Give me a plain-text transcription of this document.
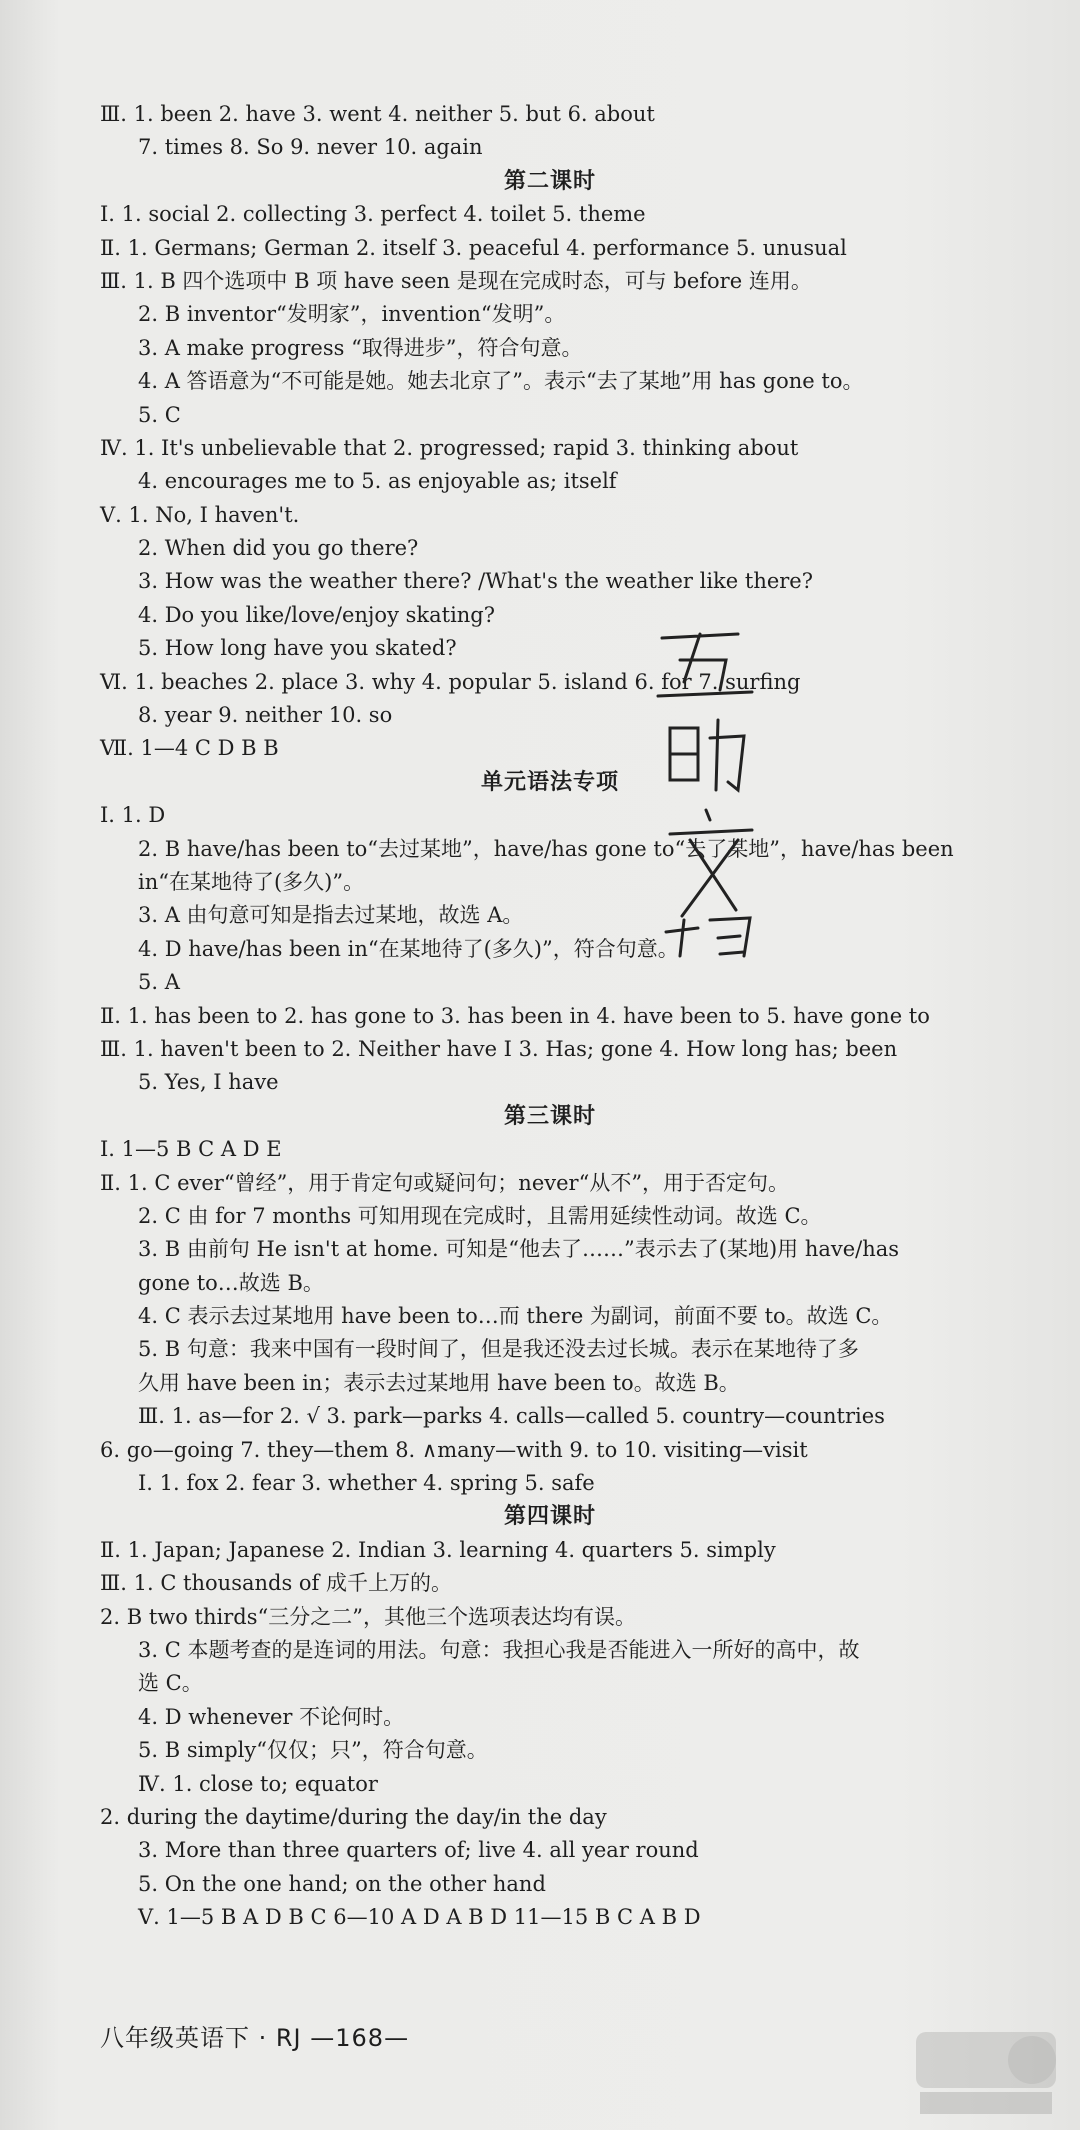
Ⅲ. 1. been 2. have 3. went 4. neither 5. but 6. about
7. times 8. So 9. never 10. again
第二课时
Ⅰ. 1. social 2. collecting 3. perfect 4. toilet 5. theme
Ⅱ. 1. Germans; German 2. itself 3. peaceful 4. performance 5. unusual
Ⅲ. 1. B 四个选项中 B 项 have seen 是现在完成时态，可与 before 连用。
2. B inventor“发明家”，invention“发明”。
3. A make progress “取得进步”，符合句意。
4. A 答语意为“不可能是她。她去北京了”。表示“去了某地”用 has gone to。
5. C
Ⅳ. 1. It's unbelievable that 2. progressed; rapid 3. thinking about
4. encourages me to 5. as enjoyable as; itself
Ⅴ. 1. No, I haven't.
2. When did you go there?
3. How was the weather there? /What's the weather like there?
4. Do you like/love/enjoy skating?
5. How long have you skated?
Ⅵ. 1. beaches 2. place 3. why 4. popular 5. island 6. for 7. surfing
8. year 9. neither 10. so
Ⅶ. 1—4 C D B B
单元语法专项
Ⅰ. 1. D
2. B have/has been to“去过某地”，have/has gone to“去了某地”，have/has been
in“在某地待了(多久)”。
3. A 由句意可知是指去过某地，故选 A。
4. D have/has been in“在某地待了(多久)”，符合句意。
5. A
Ⅱ. 1. has been to 2. has gone to 3. has been in 4. have been to 5. have gone to
Ⅲ. 1. haven't been to 2. Neither have I 3. Has; gone 4. How long has; been
5. Yes, I have
第三课时
Ⅰ. 1—5 B C A D E
Ⅱ. 1. C ever“曾经”，用于肯定句或疑问句；never“从不”，用于否定句。
2. C 由 for 7 months 可知用现在完成时，且需用延续性动词。故选 C。
3. B 由前句 He isn't at home. 可知是“他去了……”表示去了(某地)用 have/has
gone to…故选 B。
4. C 表示去过某地用 have been to…而 there 为副词，前面不要 to。故选 C。
5. B 句意：我来中国有一段时间了，但是我还没去过长城。表示在某地待了多
久用 have been in；表示去过某地用 have been to。故选 B。
Ⅲ. 1. as—for 2. √ 3. park—parks 4. calls—called 5. country—countries
6. go—going 7. they—them 8. ∧many—with 9. to 10. visiting—visit
Ⅰ. 1. fox 2. fear 3. whether 4. spring 5. safe
第四课时
Ⅱ. 1. Japan; Japanese 2. Indian 3. learning 4. quarters 5. simply
Ⅲ. 1. C thousands of 成千上万的。
2. B two thirds“三分之二”，其他三个选项表达均有误。
3. C 本题考查的是连词的用法。句意：我担心我是否能进入一所好的高中，故
选 C。
4. D whenever 不论何时。
5. B simply“仅仅；只”，符合句意。
Ⅳ. 1. close to; equator
2. during the daytime/during the day/in the day
3. More than three quarters of; live 4. all year round
5. On the one hand; on the other hand
Ⅴ. 1—5 B A D B C 6—10 A D A B D 11—15 B C A B D
八年级英语下 · RJ —168—
